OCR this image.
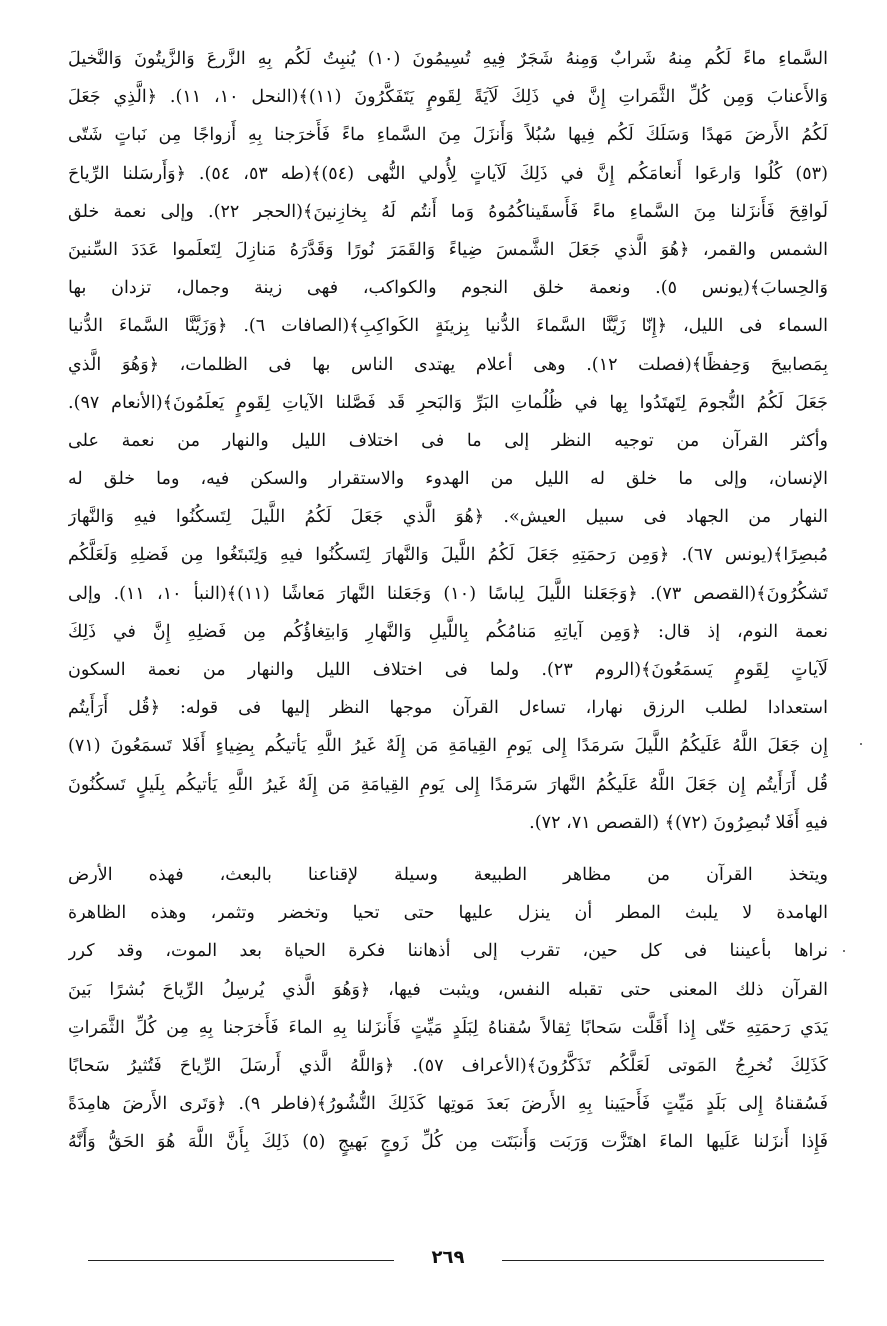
السَّماءِ ماءً لَكُم مِنهُ شَرابٌ وَمِنهُ شَجَرٌ فِيهِ تُسِيمُونَ (١٠) يُنبِتُ لَكُم بِهِ الزَّرعَ وَالزَّيتُونَ وَالنَّخيلَ
وَالأَعنابَ وَمِن كُلِّ الثَّمَراتِ إِنَّ في ذَلِكَ لَآيَةً لِقَومٍ يَتَفَكَّرُونَ (١١)﴾(النحل ١٠، ١١). ﴿الَّذِي جَعَلَ
لَكُمُ الأَرضَ مَهدًا وَسَلَكَ لَكُم فِيها سُبُلاً وَأَنزَلَ مِنَ السَّماءِ ماءً فَأَخرَجنا بِهِ أَزواجًا مِن نَباتٍ شَتّى
(٥٣) كُلُوا وَارعَوا أَنعامَكُم إِنَّ في ذَلِكَ لَآياتٍ لِأُولي النُّهى (٥٤)﴾(طه ٥٣، ٥٤). ﴿وَأَرسَلنا الرِّياحَ
لَواقِحَ فَأَنزَلنا مِنَ السَّماءِ ماءً فَأَسقَيناكُمُوهُ وَما أَنتُم لَهُ بِخازِنينَ﴾(الحجر ٢٢). وإلى نعمة خلق
الشمس والقمر، ﴿هُوَ الَّذي جَعَلَ الشَّمسَ ضِياءً وَالقَمَرَ نُورًا وَقَدَّرَهُ مَنازِلَ لِتَعلَموا عَدَدَ السِّنينَ
وَالحِسابَ﴾(يونس ٥). ونعمة خلق النجوم والكواكب، فهى زينة وجمال، تزدان بها
السماء فى الليل، ﴿إِنّا زَيَّنَّا السَّماءَ الدُّنيا بِزينَةٍ الكَواكِبِ﴾(الصافات ٦). ﴿وَزَيَّنَّا السَّماءَ الدُّنيا
بِمَصابيحَ وَحِفظًا﴾(فصلت ١٢). وهى أعلام يهتدى الناس بها فى الظلمات، ﴿وَهُوَ الَّذي
جَعَلَ لَكُمُ النُّجومَ لِتَهتَدُوا بِها في ظُلُماتِ البَرِّ وَالبَحرِ قَد فَصَّلنا الآياتِ لِقَومٍ يَعلَمُونَ﴾(الأنعام ٩٧).
وأكثر القرآن من توجيه النظر إلى ما فى اختلاف الليل والنهار من نعمة على
الإنسان، وإلى ما خلق له الليل من الهدوء والاستقرار والسكن فيه، وما خلق له
النهار من الجهاد فى سبيل العيش». ﴿هُوَ الَّذي جَعَلَ لَكُمُ اللَّيلَ لِتَسكُنُوا فيهِ وَالنَّهارَ
مُبصِرًا﴾(يونس ٦٧). ﴿وَمِن رَحمَتِهِ جَعَلَ لَكُمُ اللَّيلَ وَالنَّهارَ لِتَسكُنُوا فيهِ وَلِتَبتَغُوا مِن فَضلِهِ وَلَعَلَّكُم
تَشكُرُونَ﴾(القصص ٧٣). ﴿وَجَعَلنا اللَّيلَ لِباسًا (١٠) وَجَعَلنا النَّهارَ مَعاشًا (١١)﴾(النبأ ١٠، ١١). وإلى
نعمة النوم، إذ قال: ﴿وَمِن آياتِهِ مَنامُكُم بِاللَّيلِ وَالنَّهارِ وَابتِغاؤُكُم مِن فَضلِهِ إِنَّ في ذَلِكَ
لَآياتٍ لِقَومٍ يَسمَعُونَ﴾(الروم ٢٣). ولما فى اختلاف الليل والنهار من نعمة السكون
استعدادا لطلب الرزق نهارا، تساءل القرآن موجها النظر إليها فى قوله: ﴿قُل أَرَأَيتُم
إِن جَعَلَ اللَّهُ عَلَيكُمُ اللَّيلَ سَرمَدًا إِلى يَومِ القِيامَةِ مَن إِلَهٌ غَيرُ اللَّهِ يَأتيكُم بِضِياءٍ أَفَلا تَسمَعُونَ (٧١)
قُل أَرَأَيتُم إِن جَعَلَ اللَّهُ عَلَيكُمُ النَّهارَ سَرمَدًا إِلى يَومِ القِيامَةِ مَن إِلَهٌ غَيرُ اللَّهِ يَأتيكُم بِلَيلٍ تَسكُنُونَ
فيهِ أَفَلا تُبصِرُونَ (٧٢)﴾ (القصص ٧١، ٧٢).
ويتخذ القرآن من مظاهر الطبيعة وسيلة لإقناعنا بالبعث، فهذه الأرض
الهامدة لا يلبث المطر أن ينزل عليها حتى تحيا وتخضر وتثمر، وهذه الظاهرة
نراها بأعيننا فى كل حين، تقرب إلى أذهاننا فكرة الحياة بعد الموت، وقد كرر
القرآن ذلك المعنى حتى تقبله النفس، ويثبت فيها، ﴿وَهُوَ الَّذي يُرسِلُ الرِّياحَ بُشرًا بَينَ
يَدَي رَحمَتِهِ حَتّى إِذا أَقَلَّت سَحابًا ثِقالاً سُقناهُ لِبَلَدٍ مَيِّتٍ فَأَنزَلنا بِهِ الماءَ فَأَخرَجنا بِهِ مِن كُلِّ الثَّمَراتِ
كَذَلِكَ نُخرِجُ المَوتى لَعَلَّكُم تَذَكَّرُونَ﴾(الأعراف ٥٧). ﴿وَاللَّهُ الَّذي أَرسَلَ الرِّياحَ فَتُثيرُ سَحابًا
فَسُقناهُ إِلى بَلَدٍ مَيِّتٍ فَأَحيَينا بِهِ الأَرضَ بَعدَ مَوتِها كَذَلِكَ النُّشُورُ﴾(فاطر ٩). ﴿وَتَرى الأَرضَ هامِدَةً
فَإِذا أَنزَلنا عَلَيها الماءَ اهتَزَّت وَرَبَت وَأَنبَتَت مِن كُلِّ زَوجٍ بَهيجٍ (٥) ذَلِكَ بِأَنَّ اللَّهَ هُوَ الحَقُّ وَأَنَّهُ
٢٦٩
